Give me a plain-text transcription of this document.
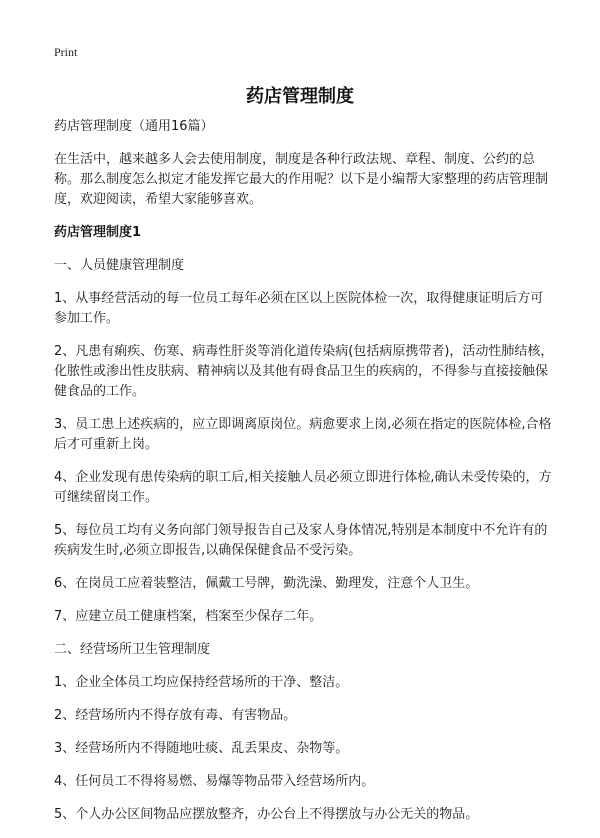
Print
药店管理制度

药店管理制度（通用16篇）

在生活中，越来越多人会去使用制度，制度是各种行政法规、章程、制度、公约的总称。那么制度怎么拟定才能发挥它最大的作用呢？以下是小编帮大家整理的药店管理制度，欢迎阅读，希望大家能够喜欢。

药店管理制度1

一、人员健康管理制度

1、从事经营活动的每一位员工每年必须在区以上医院体检一次，取得健康证明后方可参加工作。

2、凡患有痢疾、伤寒、病毒性肝炎等消化道传染病(包括病原携带者)，活动性肺结核，化脓性或渗出性皮肤病、精神病以及其他有碍食品卫生的疾病的，不得参与直接接触保健食品的工作。

3、员工患上述疾病的，应立即调离原岗位。病愈要求上岗,必须在指定的医院体检,合格后才可重新上岗。

4、企业发现有患传染病的职工后,相关接触人员必须立即进行体检,确认未受传染的，方可继续留岗工作。

5、每位员工均有义务向部门领导报告自己及家人身体情况,特别是本制度中不允许有的疾病发生时,必须立即报告,以确保保健食品不受污染。

6、在岗员工应着装整洁，佩戴工号牌，勤洗澡、勤理发，注意个人卫生。

7、应建立员工健康档案，档案至少保存二年。

二、经营场所卫生管理制度

1、企业全体员工均应保持经营场所的干净、整洁。

2、经营场所内不得存放有毒、有害物品。

3、经营场所内不得随地吐痰、乱丢果皮、杂物等。

4、任何员工不得将易燃、易爆等物品带入经营场所内。

5、个人办公区间物品应摆放整齐，办公台上不得摆放与办公无关的物品。
